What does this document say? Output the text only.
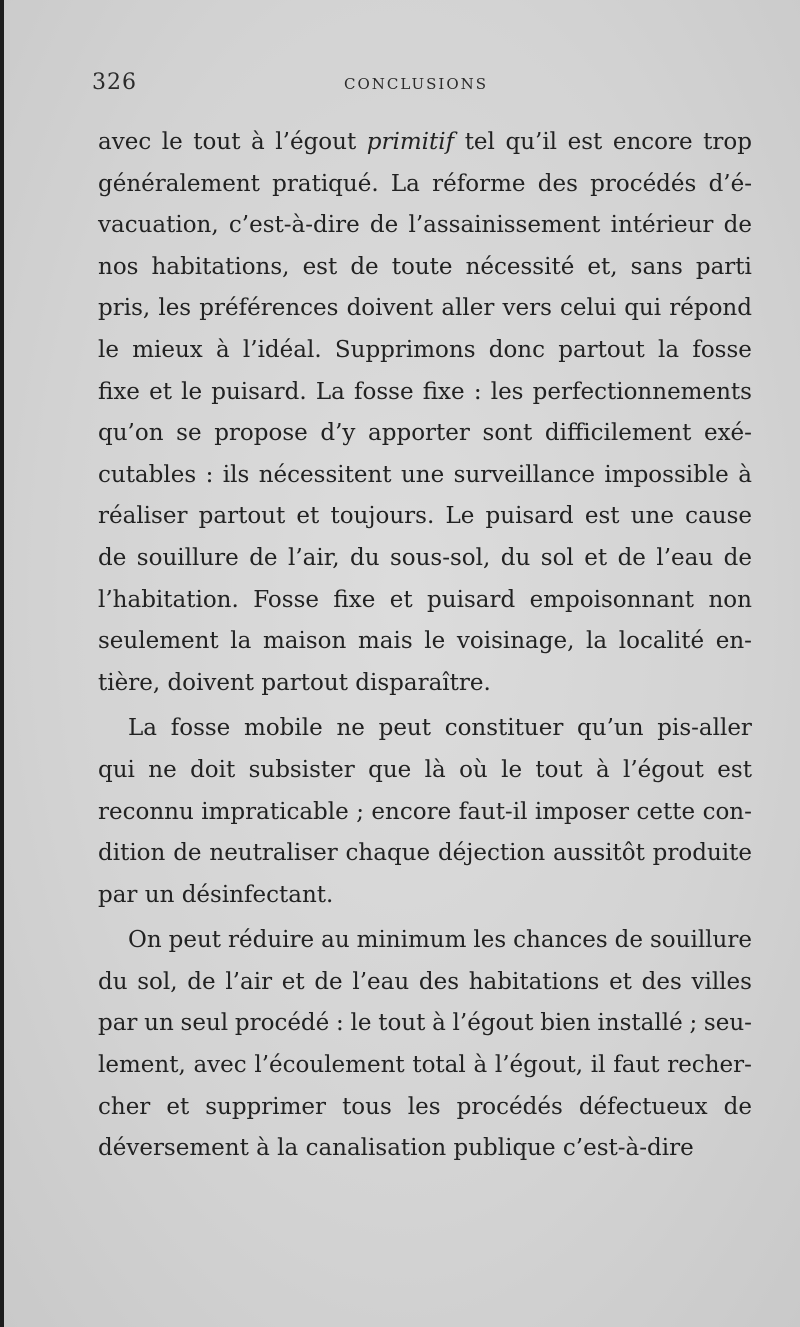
326	CONCLUSIONS
avec le tout à l’égout primitif tel qu’il est encore trop
généralement pratiqué. La réforme des procédés d’é-
vacuation, c’est-à-dire de l’assainissement intérieur de
nos habitations, est de toute nécessité et, sans parti
pris, les préférences doivent aller vers celui qui répond
le mieux à l’idéal. Supprimons donc partout la fosse
fixe et le puisard. La fosse fixe : les perfectionnements
qu’on se propose d’y apporter sont difficilement exé-
cutables : ils nécessitent une surveillance impossible à
réaliser partout et toujours. Le puisard est une cause
de souillure de l’air, du sous-sol, du sol et de l’eau de
l’habitation. Fosse fixe et puisard empoisonnant non
seulement la maison mais le voisinage, la localité en-
tière, doivent partout disparaître.
La fosse mobile ne peut constituer qu’un pis-aller
qui ne doit subsister que là où le tout à l’égout est
reconnu impraticable ; encore faut-il imposer cette con-
dition de neutraliser chaque déjection aussitôt produite
par un désinfectant.
On peut réduire au minimum les chances de souillure
du sol, de l’air et de l’eau des habitations et des villes
par un seul procédé : le tout à l’égout bien installé ; seu-
lement, avec l’écoulement total à l’égout, il faut recher-
cher et supprimer tous les procédés défectueux de
déversement à la canalisation publique c’est-à-dire
